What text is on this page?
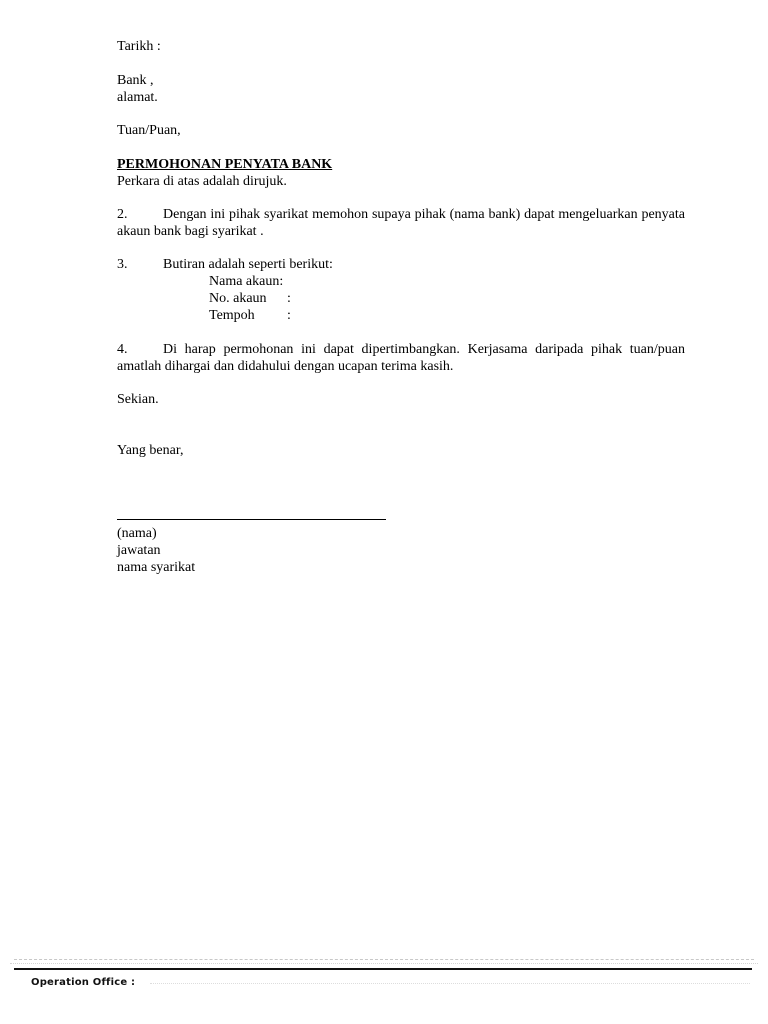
Tarikh :
Bank ,
alamat.
Tuan/Puan,
PERMOHONAN PENYATA BANK
Perkara di atas adalah dirujuk.
2.	Dengan ini pihak syarikat memohon supaya pihak (nama bank) dapat mengeluarkan penyata akaun bank bagi syarikat .
3.	Butiran adalah seperti berikut:
Nama akaun:
No. akaun :
Tempoh :
4.	Di harap permohonan ini dapat dipertimbangkan. Kerjasama daripada pihak tuan/puan amatlah dihargai dan didahului dengan ucapan terima kasih.
Sekian.
Yang benar,
(nama)
jawatan
nama syarikat
Operation Office :
